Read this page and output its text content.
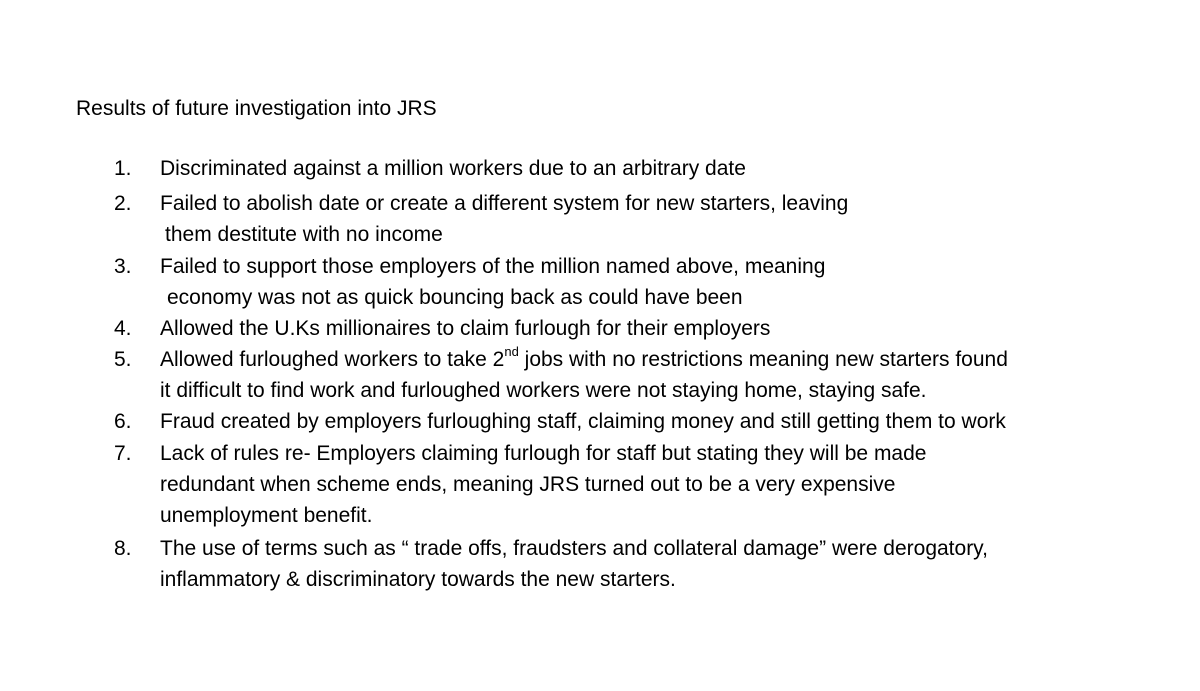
Results of future investigation into JRS
1.	Discriminated against a million workers due to an arbitrary date
2.	Failed to abolish date or create a different system for new starters, leaving
them destitute with no income
3.	Failed to support those employers of the million named above, meaning
economy was not as quick bouncing back as could have been
4.	Allowed the U.Ks millionaires to claim furlough for their employers
5.	Allowed furloughed workers to take 2nd jobs with no restrictions meaning new starters found
it difficult to find work and furloughed workers were not staying home, staying safe.
6.	Fraud created by employers furloughing staff, claiming money and still getting them to work
7.	Lack of rules re- Employers claiming furlough for staff but stating they will be made
redundant when scheme ends, meaning JRS turned out to be a very expensive
unemployment benefit.
8.	The use of terms such as “ trade offs, fraudsters and collateral damage” were derogatory,
inflammatory & discriminatory towards the new starters.
